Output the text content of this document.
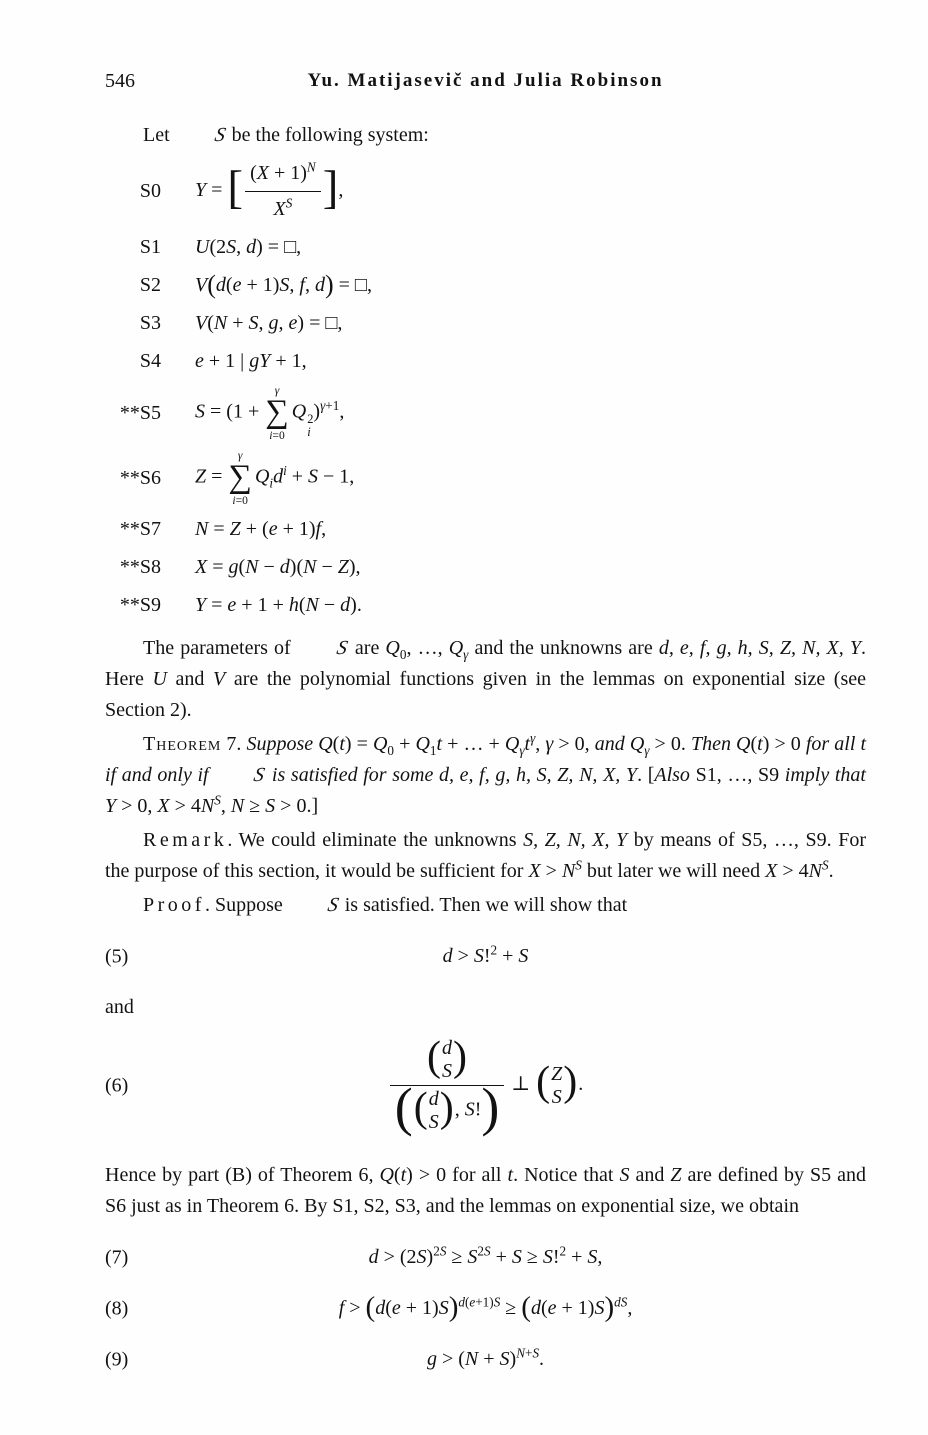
546	Yu. Matijasevič and Julia Robinson

Let S be the following system:

S0 Y = [ $\frac{(X + 1)^N}{X^S}$ ],
S1 U(2S, d) = □,
S2 V(d(e + 1)S, f, d) = □,
S3 V(N + S, g, e) = □,
S4 e + 1 | gY + 1,
**S5 S = (1 +
γ
∑
i=0
Q 2
i
)$^{\gamma+1}$,
**S6 Z =
γ
∑
i=0
$Q_id^i + S - 1$,
**S7 N = Z + (e + 1)f,
**S8 X = g(N − d)(N − Z),
**S9 Y = e + 1 + h(N − d).

The parameters of S are $Q_0$, …, $Q_\gamma$ and the unknowns are d, e, f, g, h, S, Z, N, X, Y. Here U and V are the polynomial functions given in the lemmas on exponential size (see Section 2).

Theorem 7. Suppose $Q(t) = Q_0 + Q_1t$ + … + $Q_\gamma t^\gamma$, γ > 0, and $Q_\gamma > 0$. Then Q(t) > 0 for all t if and only if S is satisfied for some d, e, f, g, h, S, Z, N, X, Y. [Also S1, …, S9 imply that Y > 0, $X > 4N^S$, N ≥ S > 0.]

Remark. We could eliminate the unknowns S, Z, N, X, Y by means of S5, …, S9. For the purpose of this section, it would be sufficient for $X > N^S$ but later we will need $X > 4N^S$.

Proof. Suppose S is satisfied. Then we will show that

(5)	d > S!$^2$ + S

and

(6)	( d
S )
( ( d
S ) , S!) ⊥ ( Z
S ) .

Hence by part (B) of Theorem 6, Q(t) > 0 for all t. Notice that S and Z are defined by S5 and S6 just as in Theorem 6. By S1, S2, S3, and the lemmas on exponential size, we obtain

(7)	$d > (2S)^{2S} \ge S^{2S} + S \ge S!^2 + S$,
(8)	$f > (d(e + 1)S)^{d(e+1)S} \ge (d(e + 1)S)^{dS}$,
(9)	$g > (N + S)^{N+S}$.
